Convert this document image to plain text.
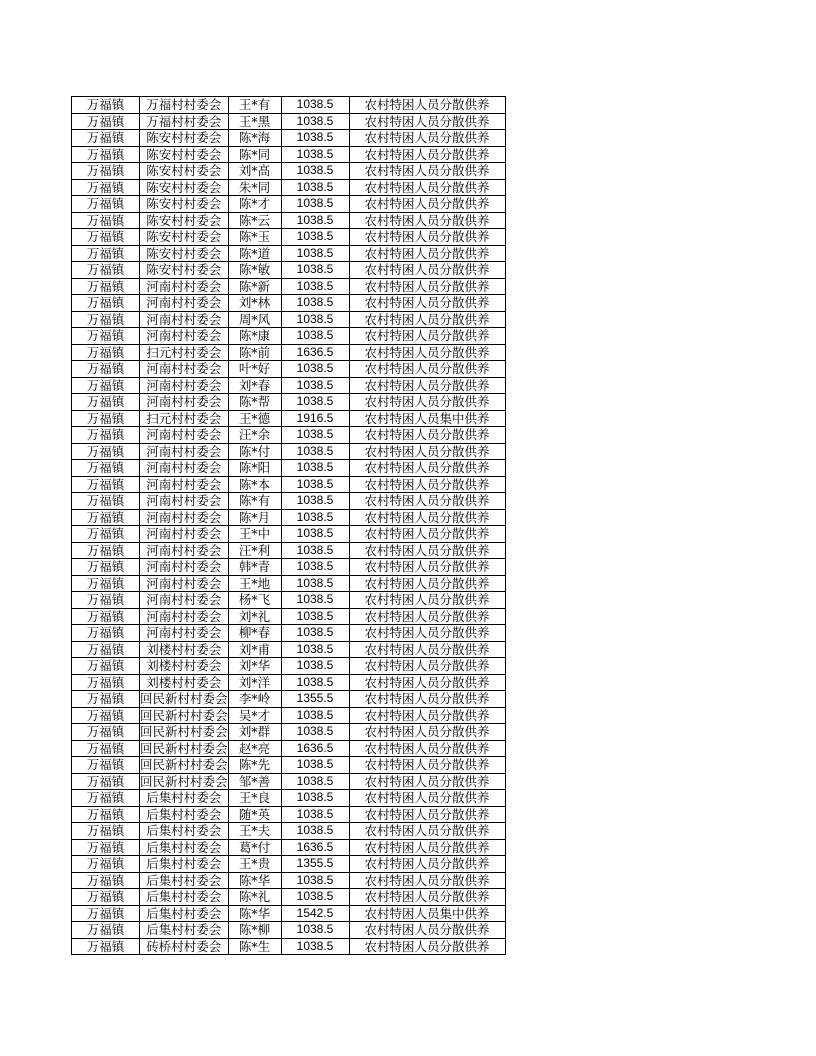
万福镇	万福村村委会	王*有	1038.5	农村特困人员分散供养
万福镇	万福村村委会	王*黑	1038.5	农村特困人员分散供养
万福镇	陈安村村委会	陈*海	1038.5	农村特困人员分散供养
万福镇	陈安村村委会	陈*同	1038.5	农村特困人员分散供养
万福镇	陈安村村委会	刘*高	1038.5	农村特困人员分散供养
万福镇	陈安村村委会	朱*同	1038.5	农村特困人员分散供养
万福镇	陈安村村委会	陈*才	1038.5	农村特困人员分散供养
万福镇	陈安村村委会	陈*云	1038.5	农村特困人员分散供养
万福镇	陈安村村委会	陈*玉	1038.5	农村特困人员分散供养
万福镇	陈安村村委会	陈*道	1038.5	农村特困人员分散供养
万福镇	陈安村村委会	陈*敏	1038.5	农村特困人员分散供养
万福镇	河南村村委会	陈*新	1038.5	农村特困人员分散供养
万福镇	河南村村委会	刘*林	1038.5	农村特困人员分散供养
万福镇	河南村村委会	周*风	1038.5	农村特困人员分散供养
万福镇	河南村村委会	陈*康	1038.5	农村特困人员分散供养
万福镇	扫元村村委会	陈*前	1636.5	农村特困人员分散供养
万福镇	河南村村委会	叶*好	1038.5	农村特困人员分散供养
万福镇	河南村村委会	刘*春	1038.5	农村特困人员分散供养
万福镇	河南村村委会	陈*帮	1038.5	农村特困人员分散供养
万福镇	扫元村村委会	王*德	1916.5	农村特困人员集中供养
万福镇	河南村村委会	汪*余	1038.5	农村特困人员分散供养
万福镇	河南村村委会	陈*付	1038.5	农村特困人员分散供养
万福镇	河南村村委会	陈*阳	1038.5	农村特困人员分散供养
万福镇	河南村村委会	陈*本	1038.5	农村特困人员分散供养
万福镇	河南村村委会	陈*有	1038.5	农村特困人员分散供养
万福镇	河南村村委会	陈*月	1038.5	农村特困人员分散供养
万福镇	河南村村委会	王*中	1038.5	农村特困人员分散供养
万福镇	河南村村委会	汪*利	1038.5	农村特困人员分散供养
万福镇	河南村村委会	韩*青	1038.5	农村特困人员分散供养
万福镇	河南村村委会	王*地	1038.5	农村特困人员分散供养
万福镇	河南村村委会	杨*飞	1038.5	农村特困人员分散供养
万福镇	河南村村委会	刘*礼	1038.5	农村特困人员分散供养
万福镇	河南村村委会	柳*春	1038.5	农村特困人员分散供养
万福镇	刘楼村村委会	刘*甫	1038.5	农村特困人员分散供养
万福镇	刘楼村村委会	刘*华	1038.5	农村特困人员分散供养
万福镇	刘楼村村委会	刘*洋	1038.5	农村特困人员分散供养
万福镇	回民新村村委会	李*岭	1355.5	农村特困人员分散供养
万福镇	回民新村村委会	吴*才	1038.5	农村特困人员分散供养
万福镇	回民新村村委会	刘*群	1038.5	农村特困人员分散供养
万福镇	回民新村村委会	赵*亮	1636.5	农村特困人员分散供养
万福镇	回民新村村委会	陈*先	1038.5	农村特困人员分散供养
万福镇	回民新村村委会	邹*善	1038.5	农村特困人员分散供养
万福镇	后集村村委会	王*良	1038.5	农村特困人员分散供养
万福镇	后集村村委会	随*英	1038.5	农村特困人员分散供养
万福镇	后集村村委会	王*夫	1038.5	农村特困人员分散供养
万福镇	后集村村委会	葛*付	1636.5	农村特困人员分散供养
万福镇	后集村村委会	王*贵	1355.5	农村特困人员分散供养
万福镇	后集村村委会	陈*华	1038.5	农村特困人员分散供养
万福镇	后集村村委会	陈*礼	1038.5	农村特困人员分散供养
万福镇	后集村村委会	陈*华	1542.5	农村特困人员集中供养
万福镇	后集村村委会	陈*柳	1038.5	农村特困人员分散供养
万福镇	砖桥村村委会	陈*生	1038.5	农村特困人员分散供养
